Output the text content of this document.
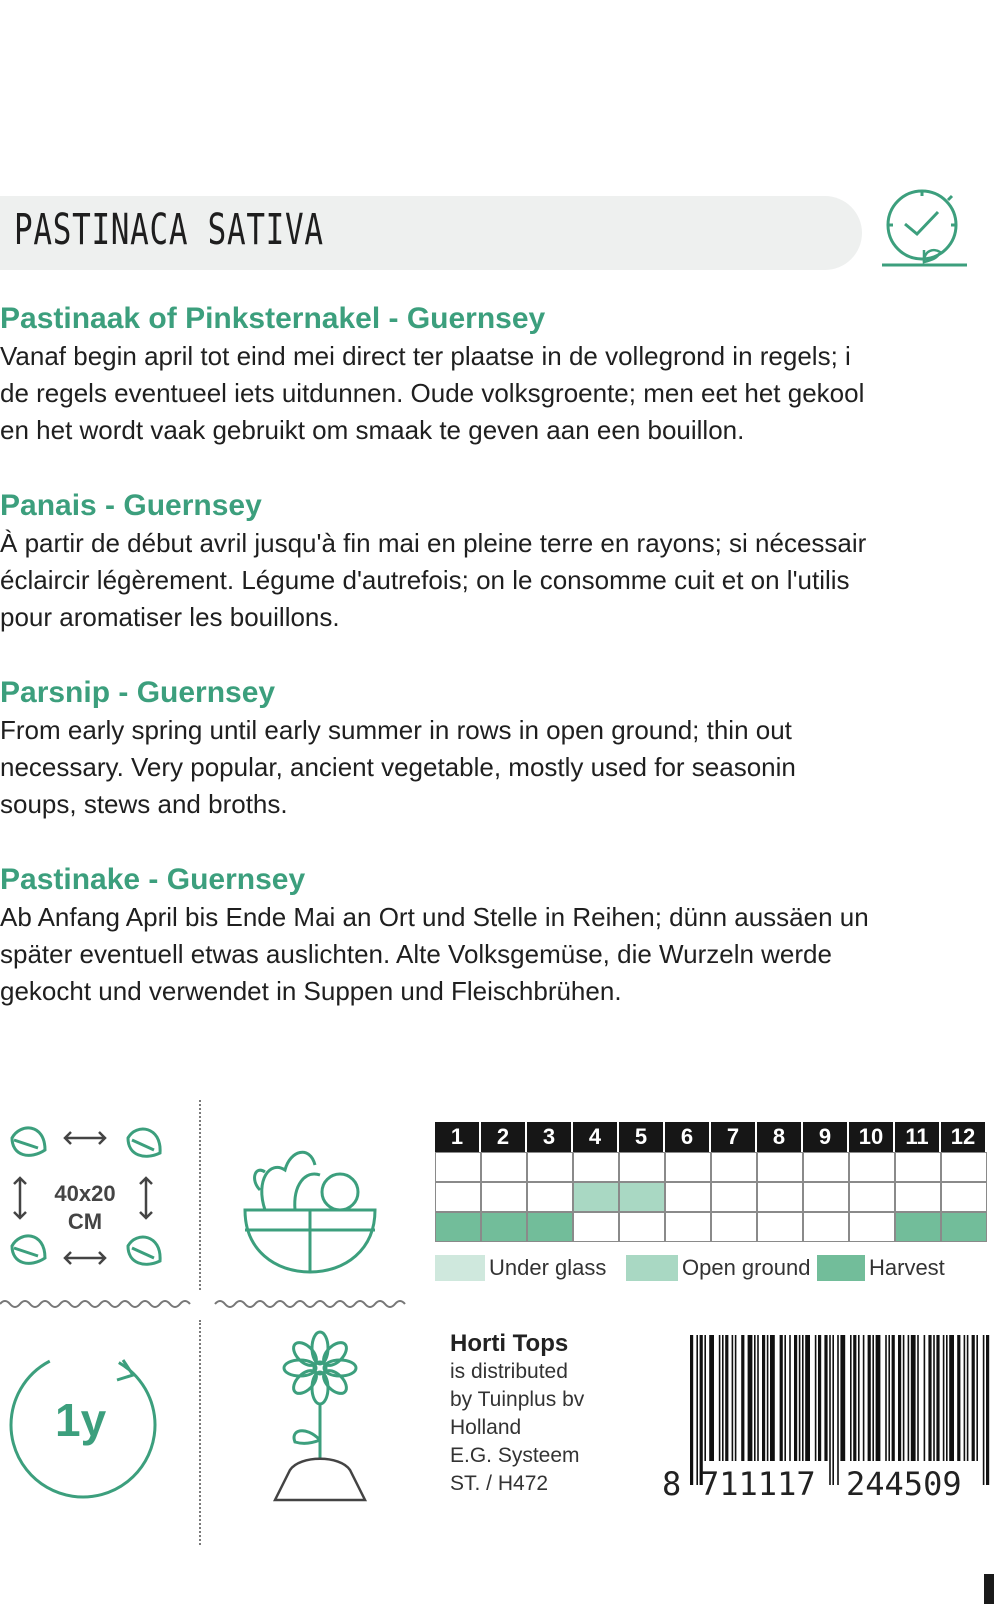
PASTINACA SATIVA
Pastinaak of Pinksternakel - Guernsey

Vanaf begin april tot eind mei direct ter plaatse in de vollegrond in regels; i

de regels eventueel iets uitdunnen. Oude volksgroente; men eet het gekool

en het wordt vaak gebruikt om smaak te geven aan een bouillon.

Panais - Guernsey

À partir de début avril jusqu'à fin mai en pleine terre en rayons; si nécessair

éclaircir légèrement. Légume d'autrefois; on le consomme cuit et on l'utilis

pour aromatiser les bouillons.

Parsnip - Guernsey

From early spring until early summer in rows in open ground; thin out

necessary. Very popular, ancient vegetable, mostly used for seasonin

soups, stews and broths.

Pastinake - Guernsey

Ab Anfang April bis Ende Mai an Ort und Stelle in Reihen; dünn aussäen un

später eventuell etwas auslichten. Alte Volksgemüse, die Wurzeln werde

gekocht und verwendet in Suppen und Fleischbrühen.

40x20
CM
1y
1	2	3	4	5	6	7	8	9	10	11	12
Under glass	Open ground	Harvest
Horti Tops
is distributed
by Tuinplus bv
Holland
E.G. Systeem
ST. / H472	8 711117 244509
